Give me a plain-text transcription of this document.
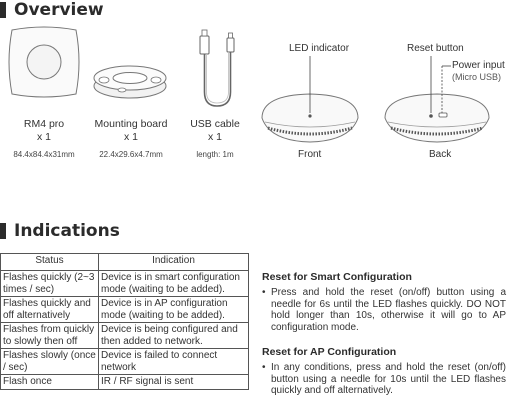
Overview
RM4 pro
x 1
84.4x84.4x31mm
Mounting board
x 1
22.4x29.6x4.7mm
USB cable
x 1
length: 1m
LED indicator	Reset button
Power input
(Micro USB)
Front	Back
Indications
Status	Indication
Flashes quickly (2~3 times / sec)	Device is in smart configuration mode (waiting to be added).
Flashes quickly and off alternatively	Device is in AP configuration mode (waiting to be added).
Flashes from quickly to slowly then off	Device is being configured and then added to network.
Flashes slowly (once / sec)	Device is failed to connect network
Flash once	IR / RF signal is sent
Reset for Smart Configuration
• Press and hold the reset (on/off) button using a needle for 6s until the LED flashes quickly. DO NOT hold longer than 10s, otherwise it will go to AP configuration mode.
Reset for AP Configuration
• In any conditions, press and hold the reset (on/off) button using a needle for 10s until the LED flashes quickly and off alternatively.
